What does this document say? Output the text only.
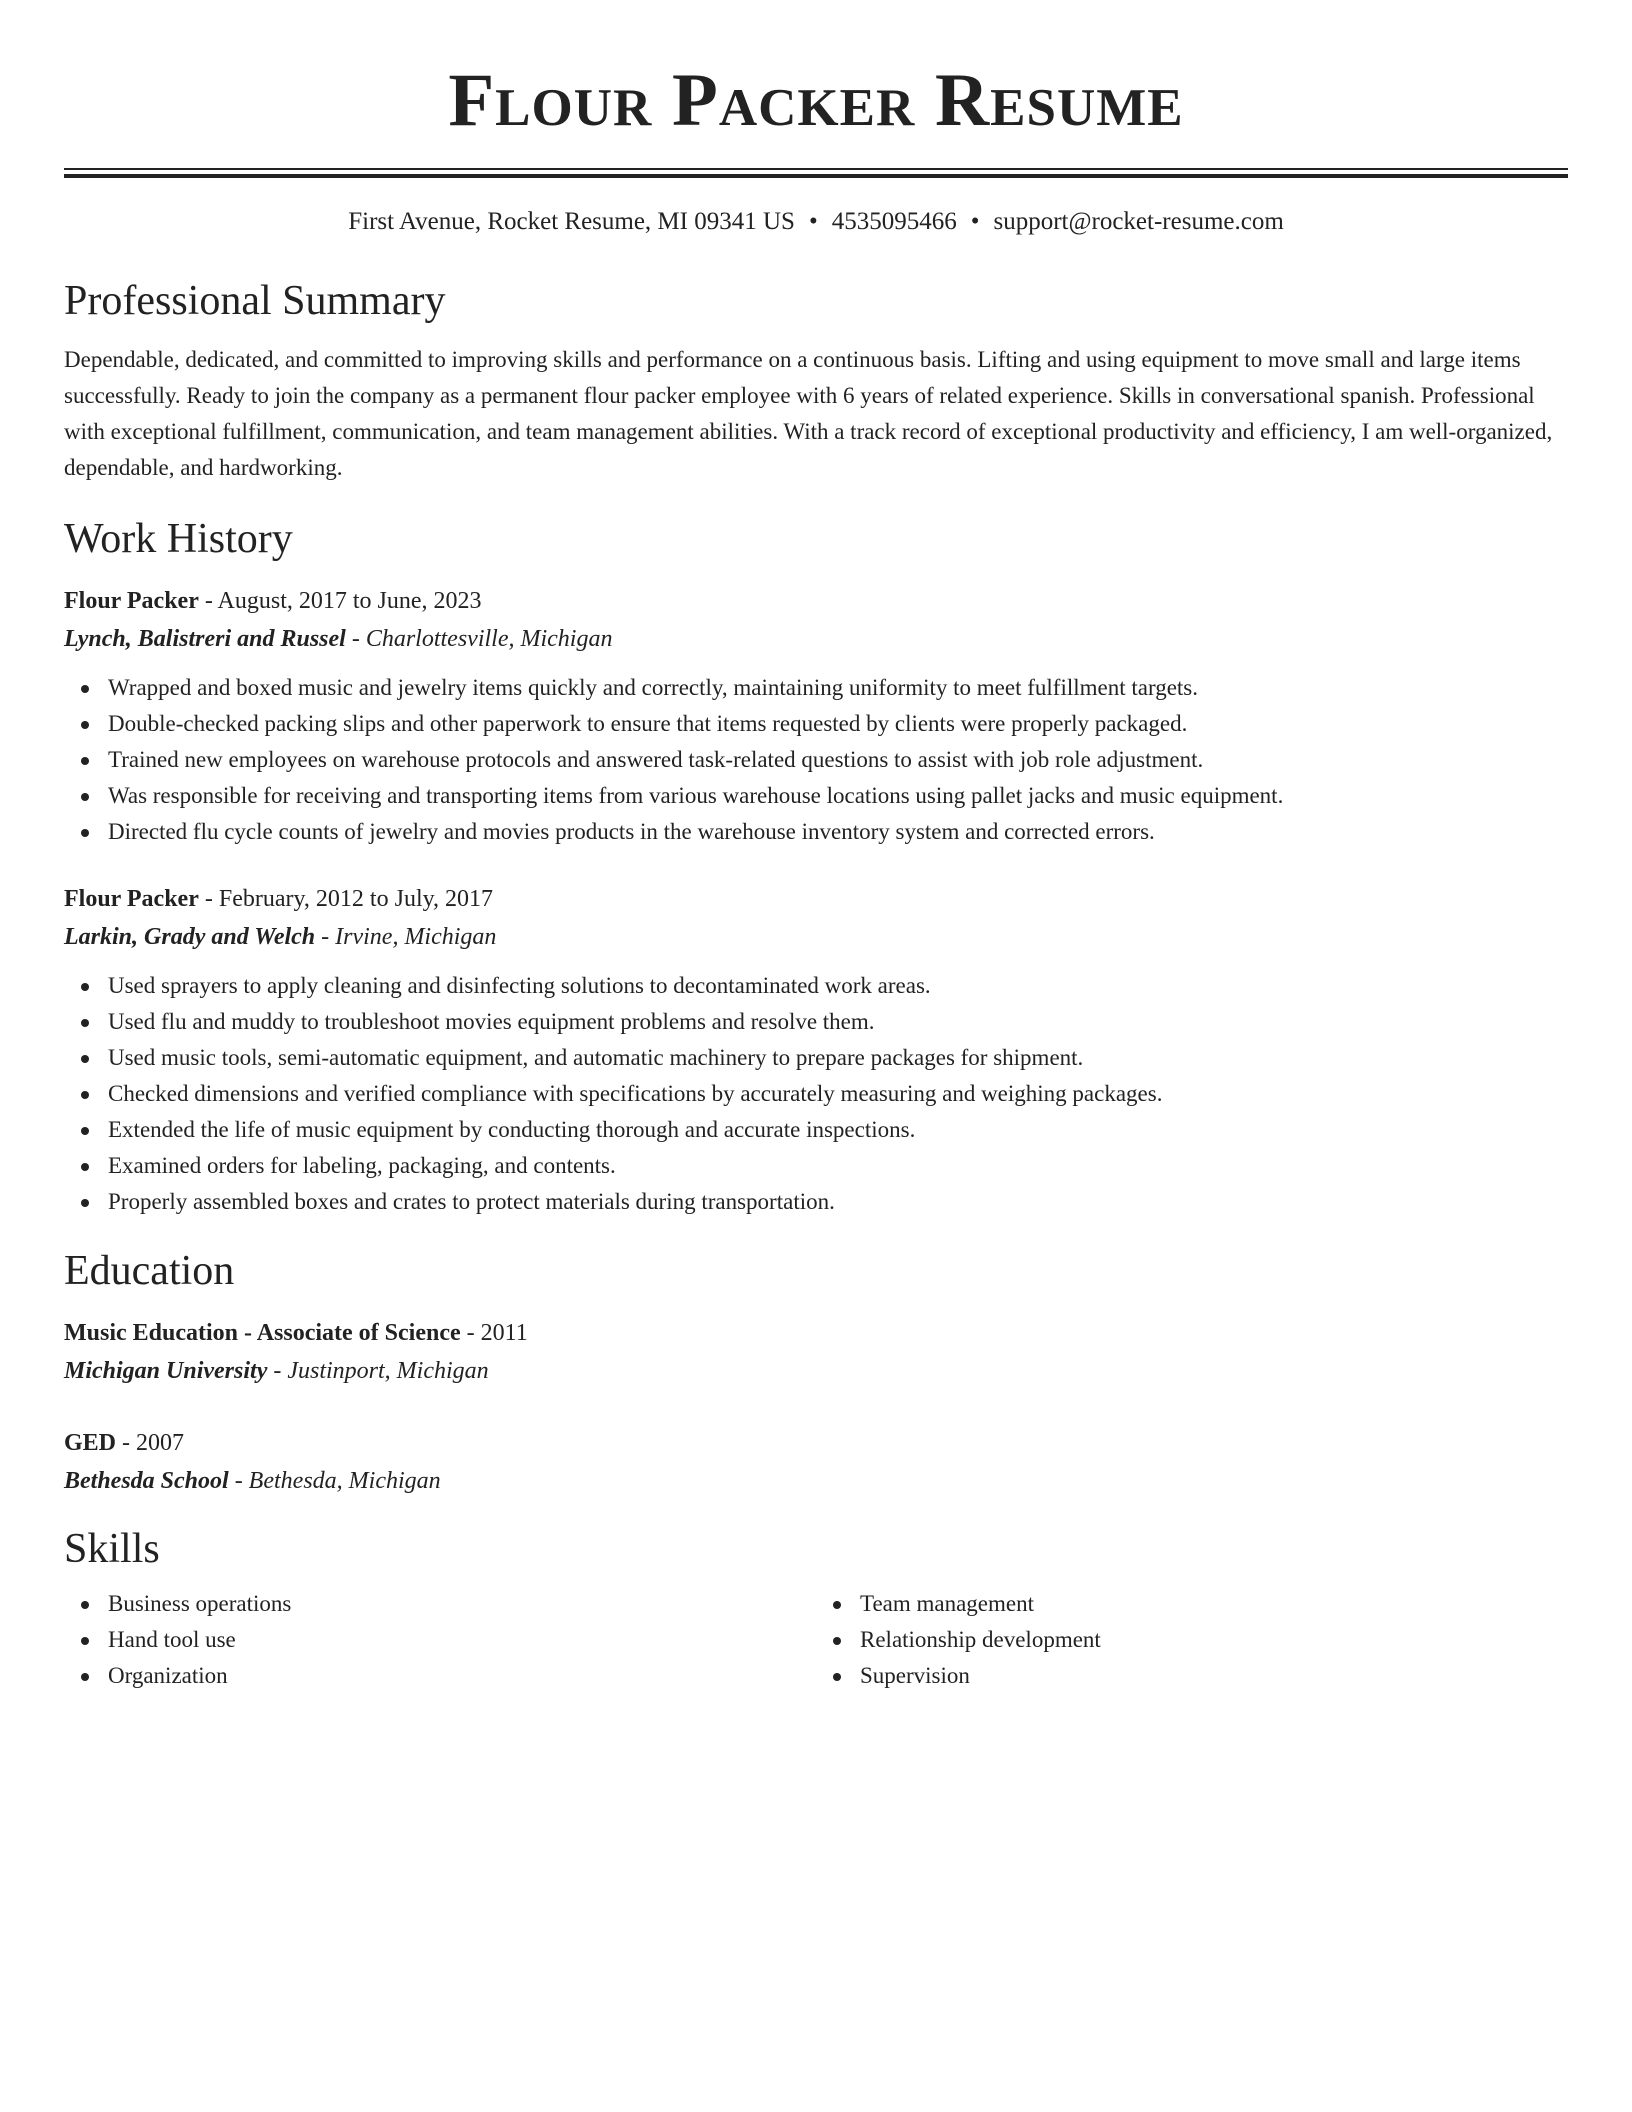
Flour Packer Resume
First Avenue, Rocket Resume, MI 09341 US • 4535095466 • support@rocket-resume.com
Professional Summary

Dependable, dedicated, and committed to improving skills and performance on a continuous basis. Lifting and using equipment to move small and large items successfully. Ready to join the company as a permanent flour packer employee with 6 years of related experience. Skills in conversational spanish. Professional with exceptional fulfillment, communication, and team management abilities. With a track record of exceptional productivity and efficiency, I am well-organized, dependable, and hardworking.

Work History
Flour Packer - August, 2017 to June, 2023
Lynch, Balistreri and Russel - Charlottesville, Michigan
Wrapped and boxed music and jewelry items quickly and correctly, maintaining uniformity to meet fulfillment targets.
Double-checked packing slips and other paperwork to ensure that items requested by clients were properly packaged.
Trained new employees on warehouse protocols and answered task-related questions to assist with job role adjustment.
Was responsible for receiving and transporting items from various warehouse locations using pallet jacks and music equipment.
Directed flu cycle counts of jewelry and movies products in the warehouse inventory system and corrected errors.
Flour Packer - February, 2012 to July, 2017
Larkin, Grady and Welch - Irvine, Michigan
Used sprayers to apply cleaning and disinfecting solutions to decontaminated work areas.
Used flu and muddy to troubleshoot movies equipment problems and resolve them.
Used music tools, semi-automatic equipment, and automatic machinery to prepare packages for shipment.
Checked dimensions and verified compliance with specifications by accurately measuring and weighing packages.
Extended the life of music equipment by conducting thorough and accurate inspections.
Examined orders for labeling, packaging, and contents.
Properly assembled boxes and crates to protect materials during transportation.
Education
Music Education - Associate of Science - 2011
Michigan University - Justinport, Michigan
GED - 2007
Bethesda School - Bethesda, Michigan
Skills
Business operations
Hand tool use
Organization
Team management
Relationship development
Supervision
